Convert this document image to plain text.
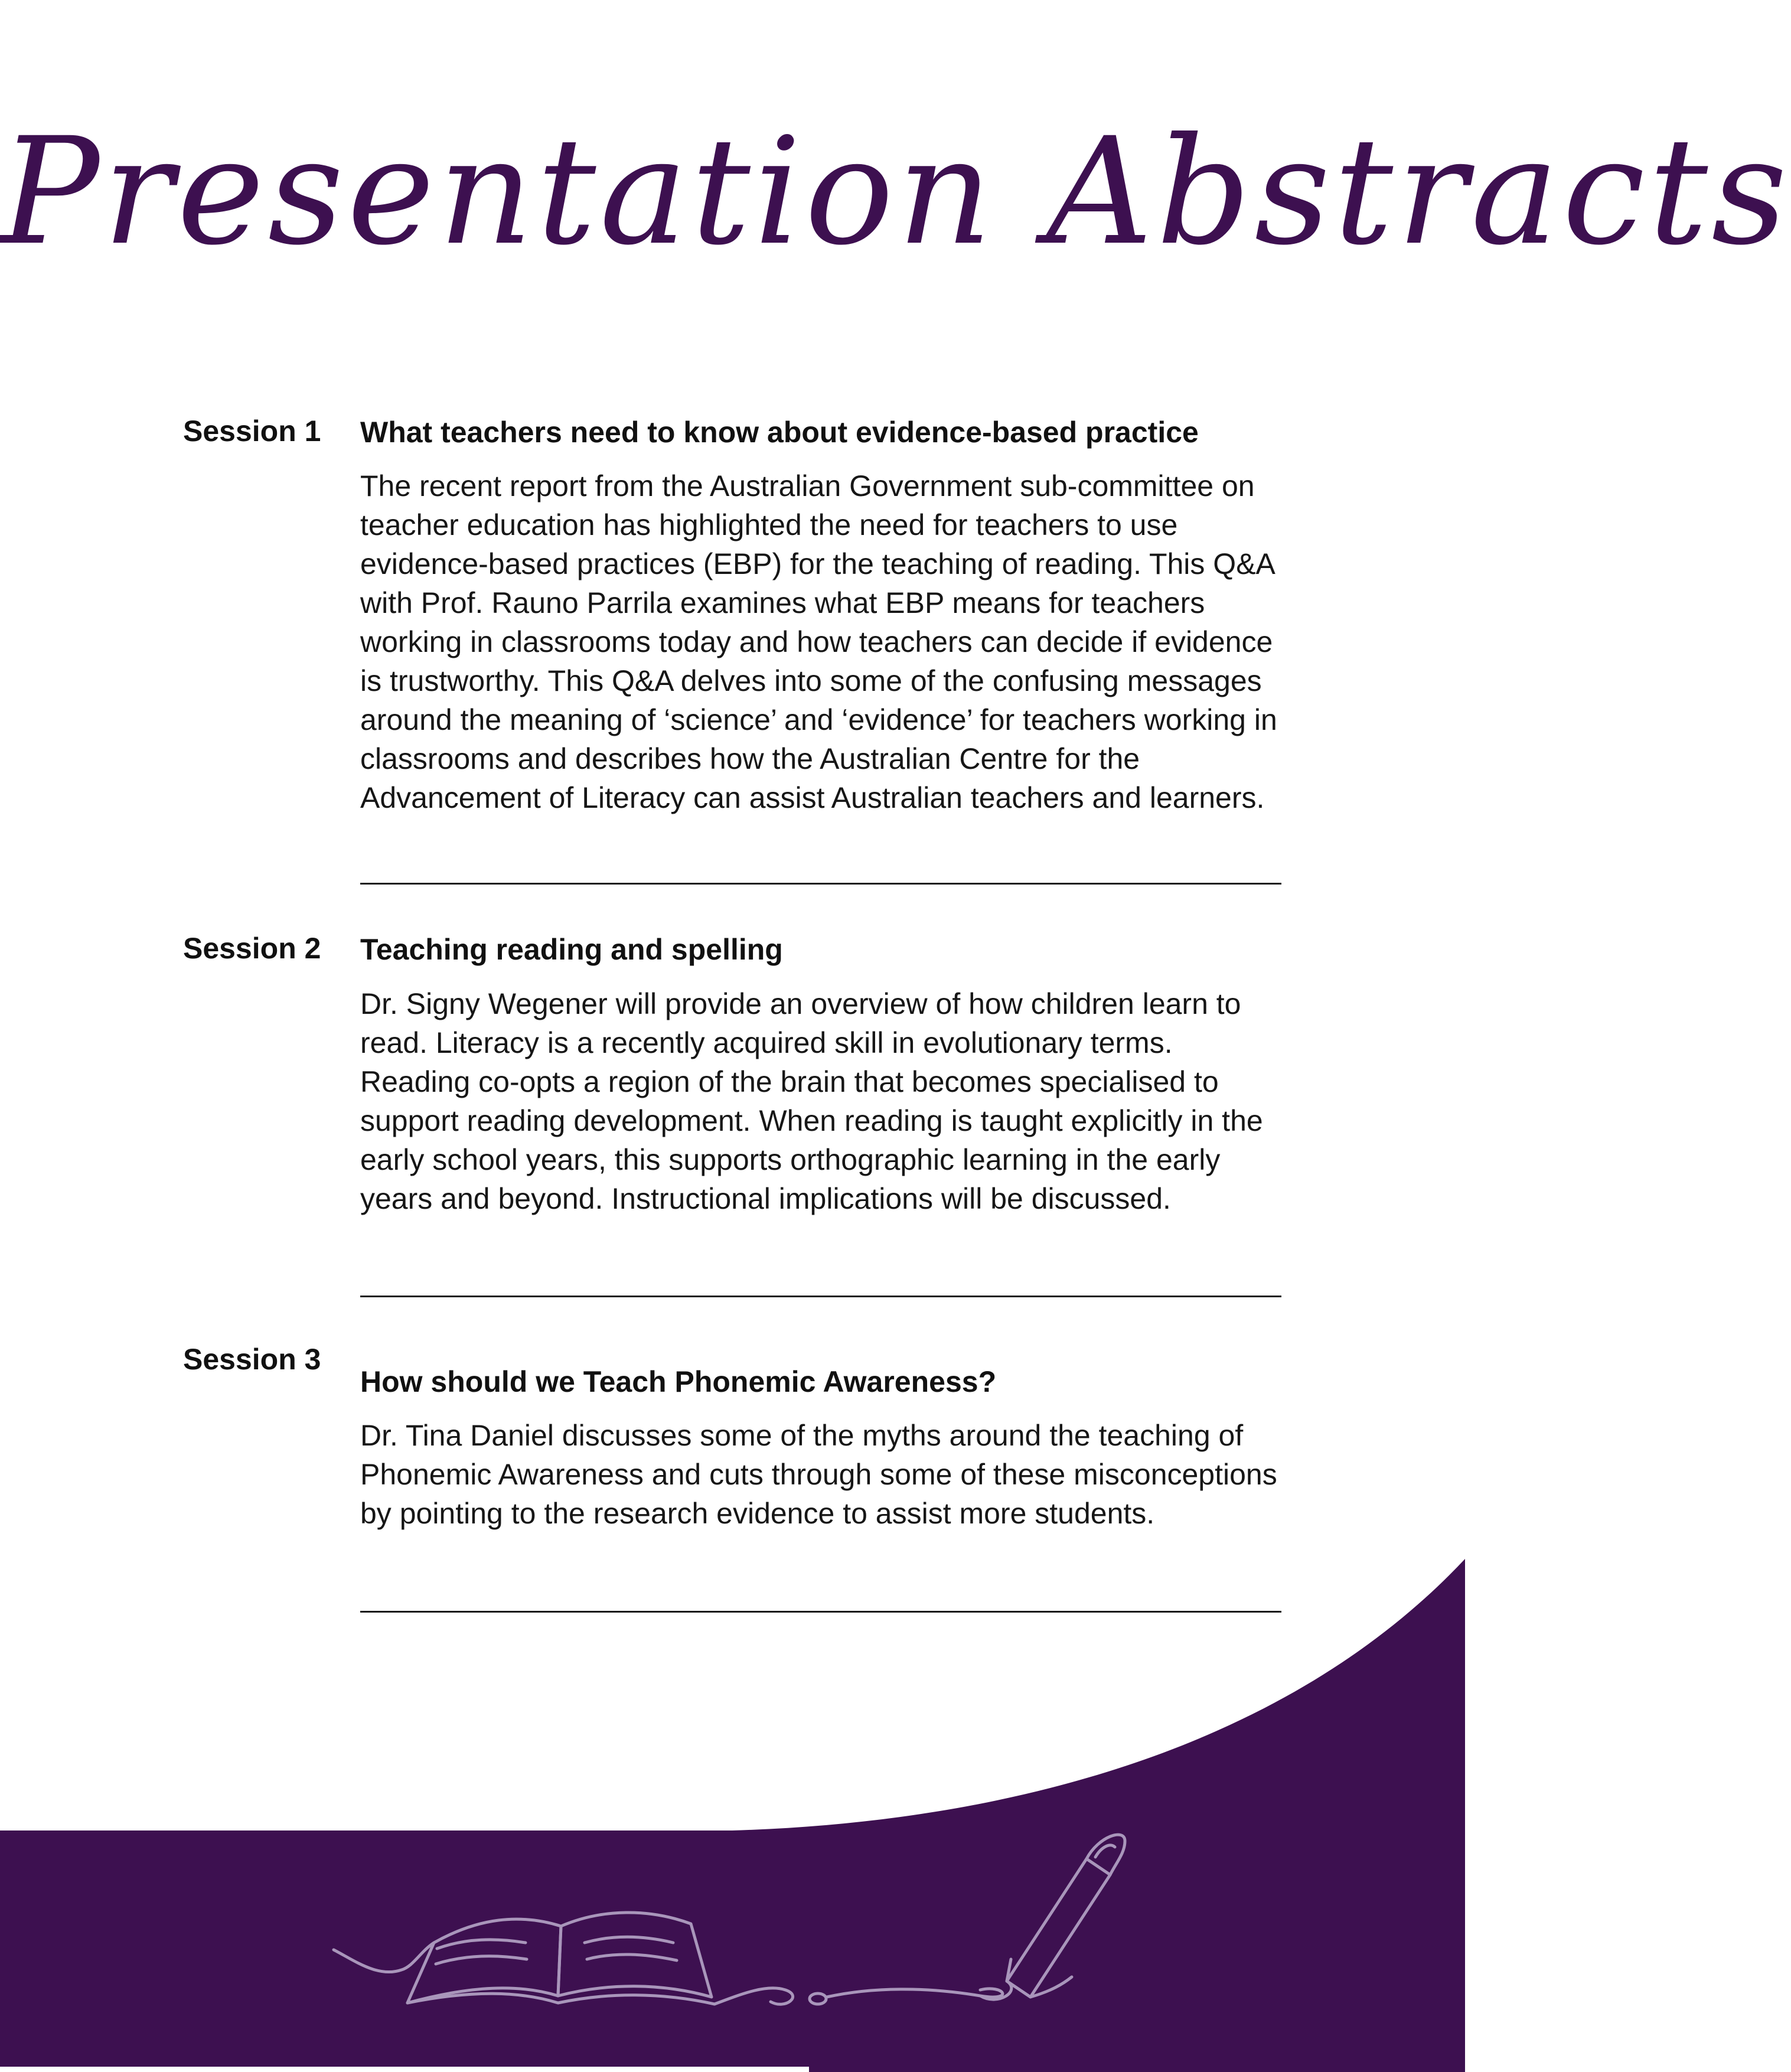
Presentation Abstracts
Session 1 What teachers need to know about evidence-based practice

The recent report from the Australian Government sub-committee on teacher education has highlighted the need for teachers to use evidence-based practices (EBP) for the teaching of reading. This Q&A with Prof. Rauno Parrila examines what EBP means for teachers working in classrooms today and how teachers can decide if evidence is trustworthy. This Q&A delves into some of the confusing messages around the meaning of ‘science’ and ‘evidence’ for teachers working in classrooms and describes how the Australian Centre for the Advancement of Literacy can assist Australian teachers and learners.

Session 2 Teaching reading and spelling

Dr. Signy Wegener will provide an overview of how children learn to read. Literacy is a recently acquired skill in evolutionary terms. Reading co-opts a region of the brain that becomes specialised to support reading development. When reading is taught explicitly in the early school years, this supports orthographic learning in the early years and beyond. Instructional implications will be discussed.

Session 3
How should we Teach Phonemic Awareness?

Dr. Tina Daniel discusses some of the myths around the teaching of Phonemic Awareness and cuts through some of these misconceptions by pointing to the research evidence to assist more students.
